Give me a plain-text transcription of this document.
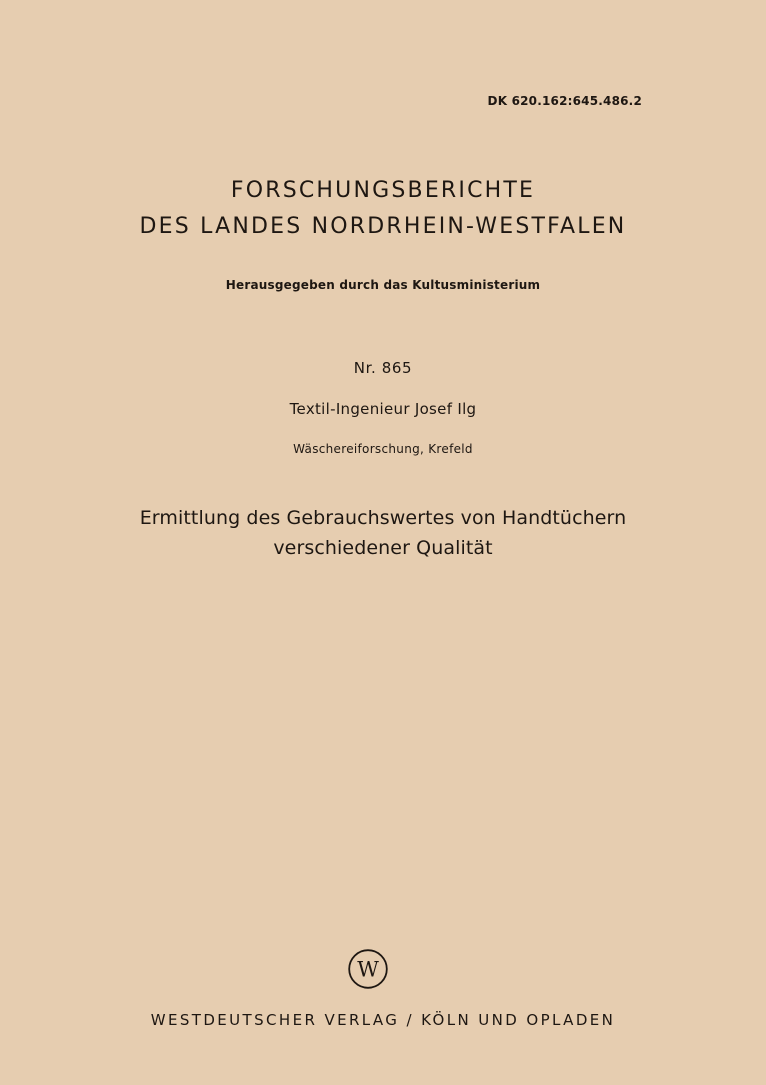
DK 620.162:645.486.2
FORSCHUNGSBERICHTE
DES LANDES NORDRHEIN-WESTFALEN
Herausgegeben durch das Kultusministerium
Nr. 865
Textil-Ingenieur Josef Ilg
Wäschereiforschung, Krefeld
Ermittlung des Gebrauchswertes von Handtüchern
verschiedener Qualität
W
WESTDEUTSCHER VERLAG / KÖLN UND OPLADEN
